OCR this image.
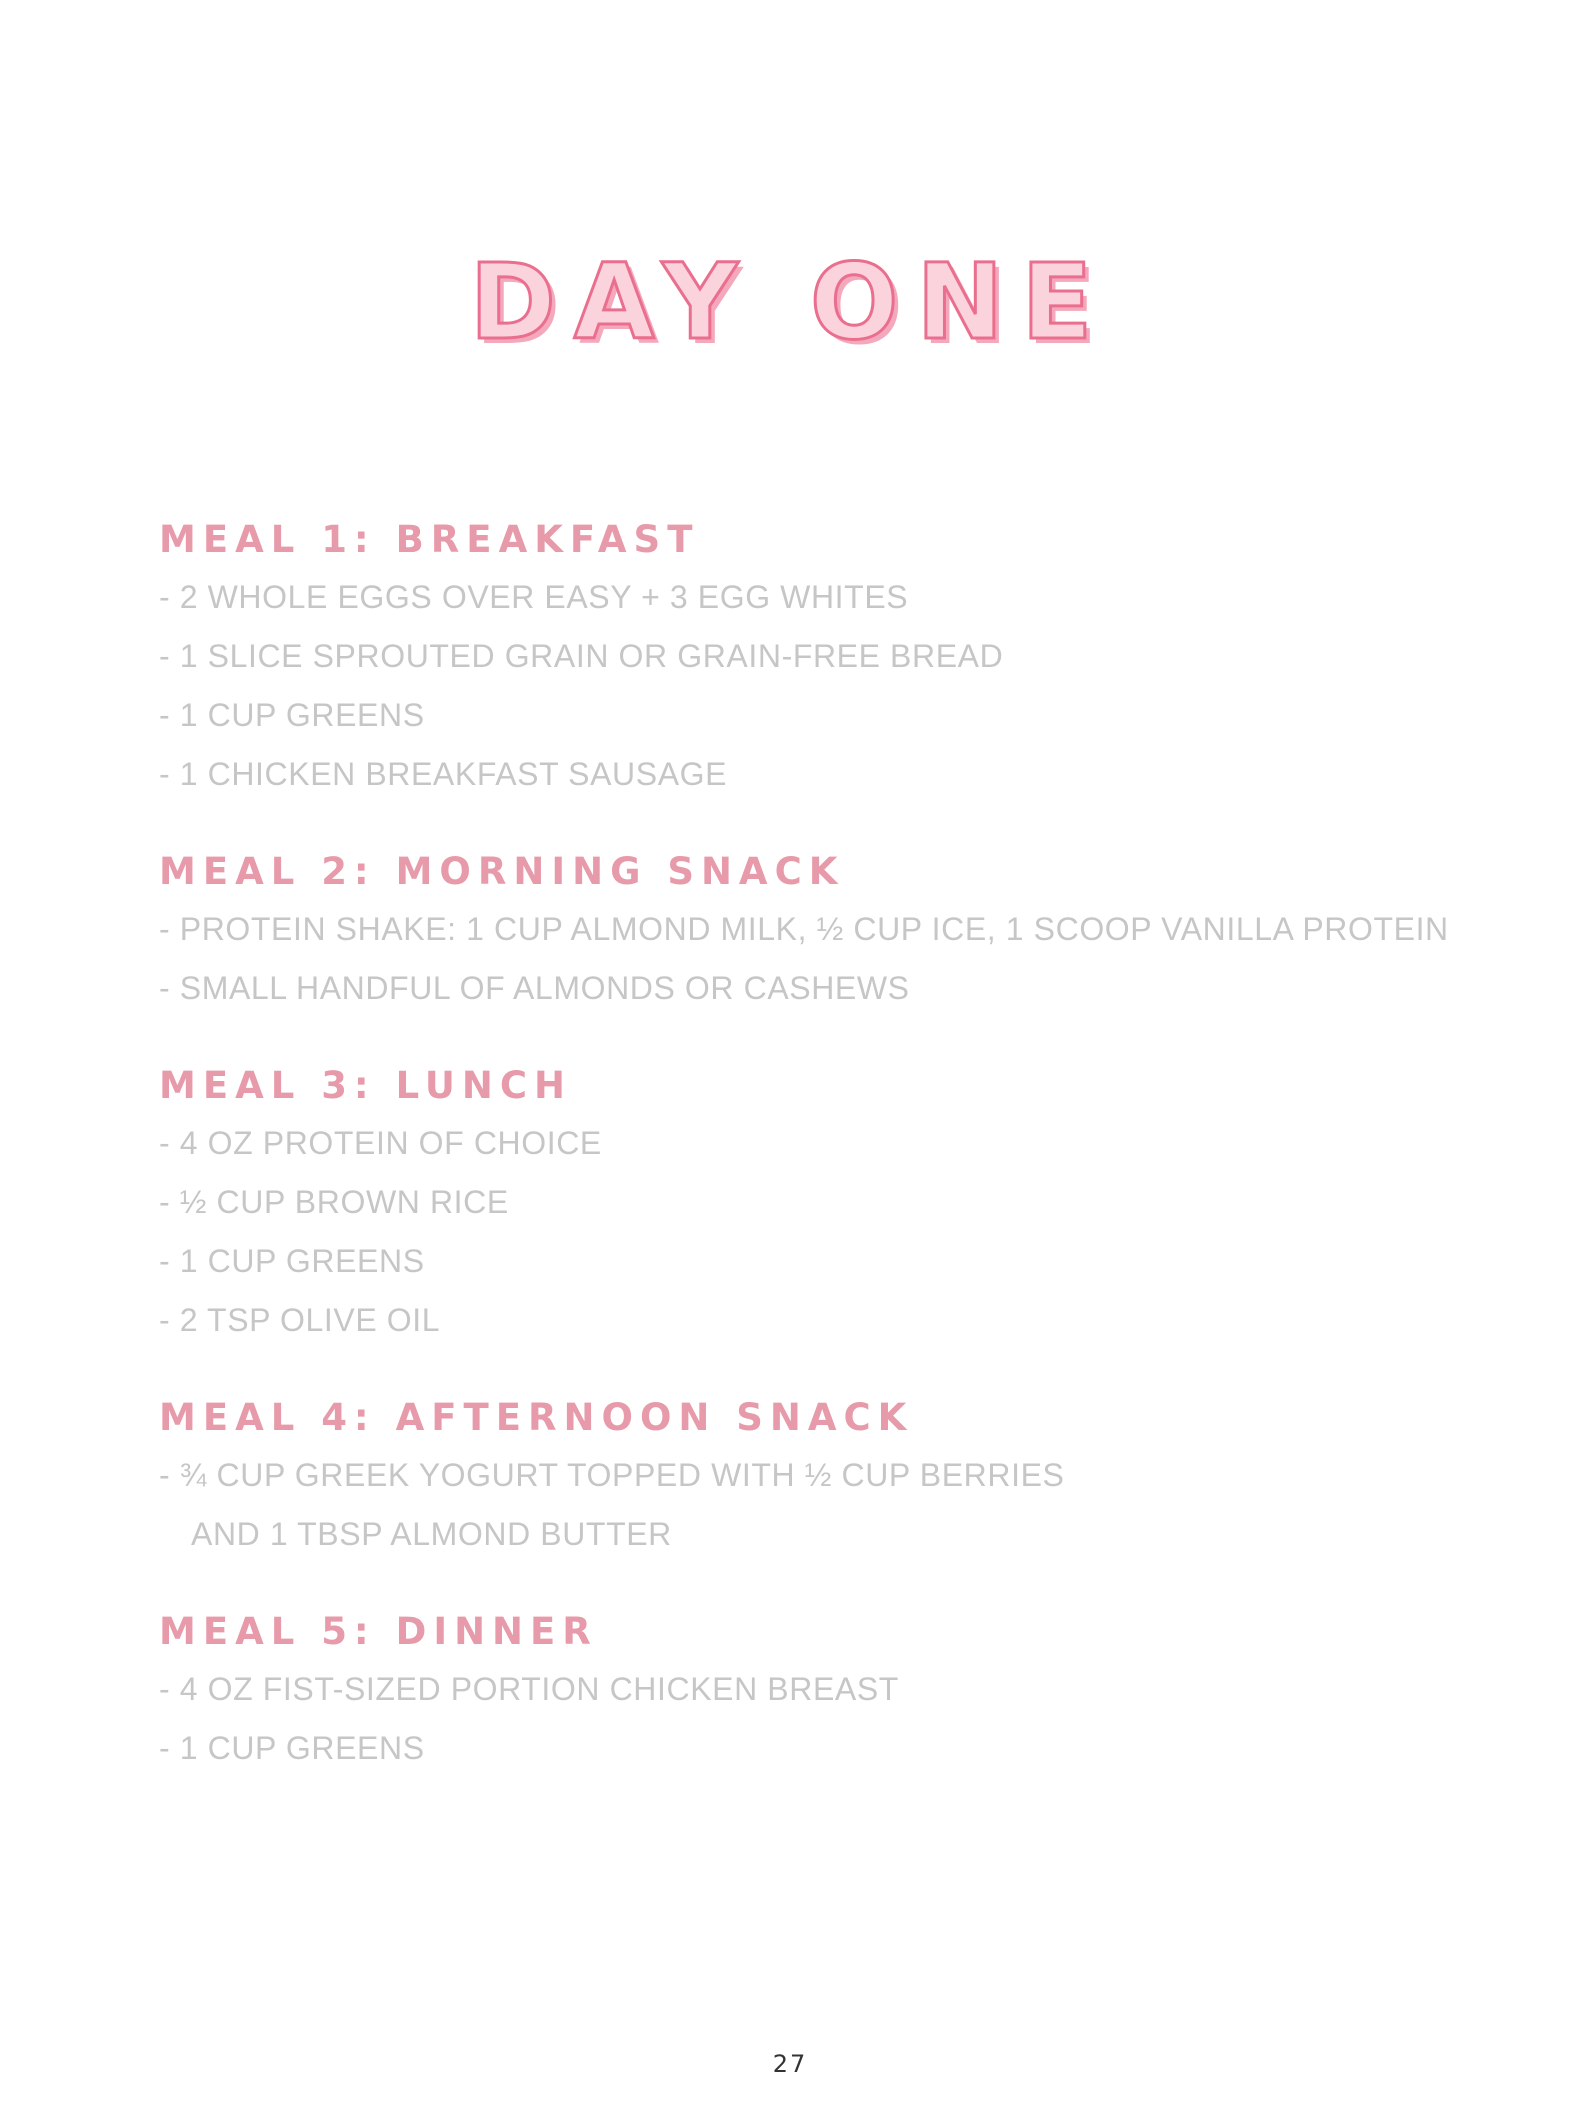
DAY ONE
MEAL 1: BREAKFAST
- 2 WHOLE EGGS OVER EASY + 3 EGG WHITES
- 1 SLICE SPROUTED GRAIN OR GRAIN-FREE BREAD
- 1 CUP GREENS
- 1 CHICKEN BREAKFAST SAUSAGE
MEAL 2: MORNING SNACK
- PROTEIN SHAKE: 1 CUP ALMOND MILK, ½ CUP ICE, 1 SCOOP VANILLA PROTEIN
- SMALL HANDFUL OF ALMONDS OR CASHEWS
MEAL 3: LUNCH
- 4 OZ PROTEIN OF CHOICE
- ½ CUP BROWN RICE
- 1 CUP GREENS
- 2 TSP OLIVE OIL
MEAL 4: AFTERNOON SNACK
- ¾ CUP GREEK YOGURT TOPPED WITH ½ CUP BERRIES
AND 1 TBSP ALMOND BUTTER
MEAL 5: DINNER
- 4 OZ FIST-SIZED PORTION CHICKEN BREAST
- 1 CUP GREENS
27
